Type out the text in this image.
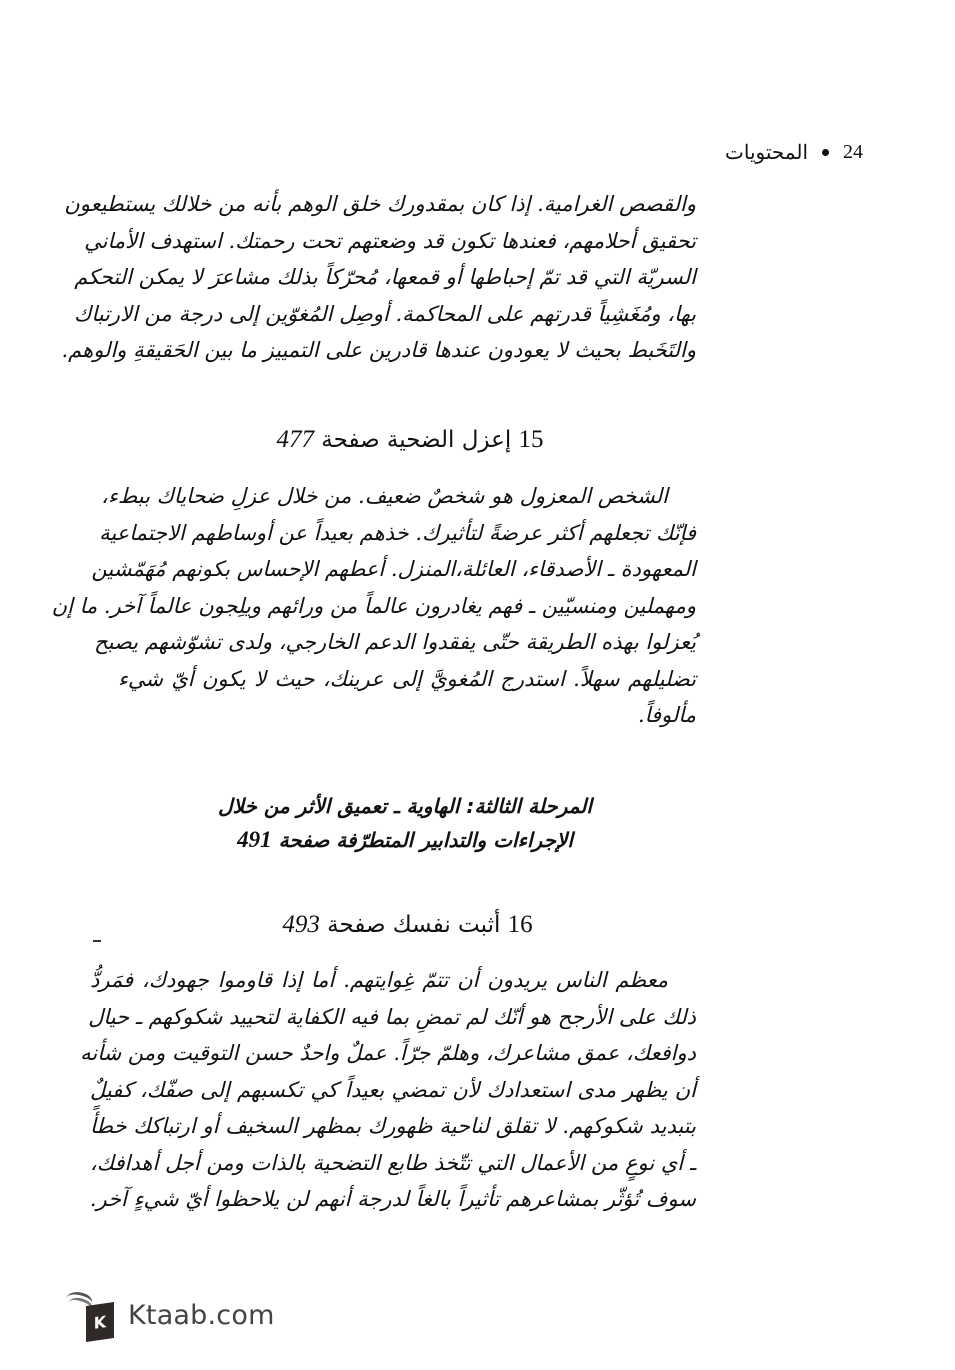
24
المحتويات
والقصص الغرامية. إذا كان بمقدورك خلق الوهم بأنه من خلالك يستطيعون
تحقيق أحلامهم، فعندها تكون قد وضعتهم تحت رحمتك. استهدف الأماني
السريّة التي قد تمّ إحباطها أو قمعها، مُحرّكاً بذلك مشاعرَ لا يمكن التحكم
بها، ومُغَشِياً قدرتهم على المحاكمة. أوصِل المُغوّين إلى درجة من الارتباك
والتَخَبط بحيث لا يعودون عندها قادرين على التمييز ما بين الحَقيقةِ والوهم.
15 إعزل الضحية صفحة 477
الشخص المعزول هو شخصٌ ضعيف. من خلال عزلِ ضحاياك ببطء،
فإنّك تجعلهم أكثر عرضةً لتأثيرك. خذهم بعيداً عن أوساطهم الاجتماعية
المعهودة ـ الأصدقاء، العائلة،المنزل. أعطهم الإحساس بكونهم مُهَمّشين
ومهملين ومنسيّين ـ فهم يغادرون عالماً من ورائهم ويلِجون عالماً آخر. ما إن
يُعزلوا بهذه الطريقة حتّى يفقدوا الدعم الخارجي، ولدى تشوّشهم يصبح
تضليلهم سهلاً. استدرج المُغويَّ إلى عرينك، حيث لا يكون أيّ شيء
مألوفاً.
المرحلة الثالثة: الهاوية ـ تعميق الأثر من خلال
الإجراءات والتدابير المتطرّفة صفحة 491
16 أثبت نفسك صفحة 493
معظم الناس يريدون أن تتمّ غِوايتهم. أما إذا قاوموا جهودك، فمَردُّ
ذلك على الأرجح هو أنّك لم تمضِ بما فيه الكفاية لتحييد شكوكهم ـ حيال
دوافعك، عمق مشاعرك، وهلمّ جرّاً. عملٌ واحدٌ حسن التوقيت ومن شأنه
أن يظهر مدى استعدادك لأن تمضي بعيداً كي تكسبهم إلى صفّك، كفيلٌ
بتبديد شكوكهم. لا تقلق لناحية ظهورك بمظهر السخيف أو ارتباكك خطأً
ـ أي نوعٍ من الأعمال التي تتّخذ طابع التضحية بالذات ومن أجل أهدافك،
سوف تُؤثّر بمشاعرهم تأثيراً بالغاً لدرجة أنهم لن يلاحظوا أيّ شيءٍ آخر.
K Ktaab.com
